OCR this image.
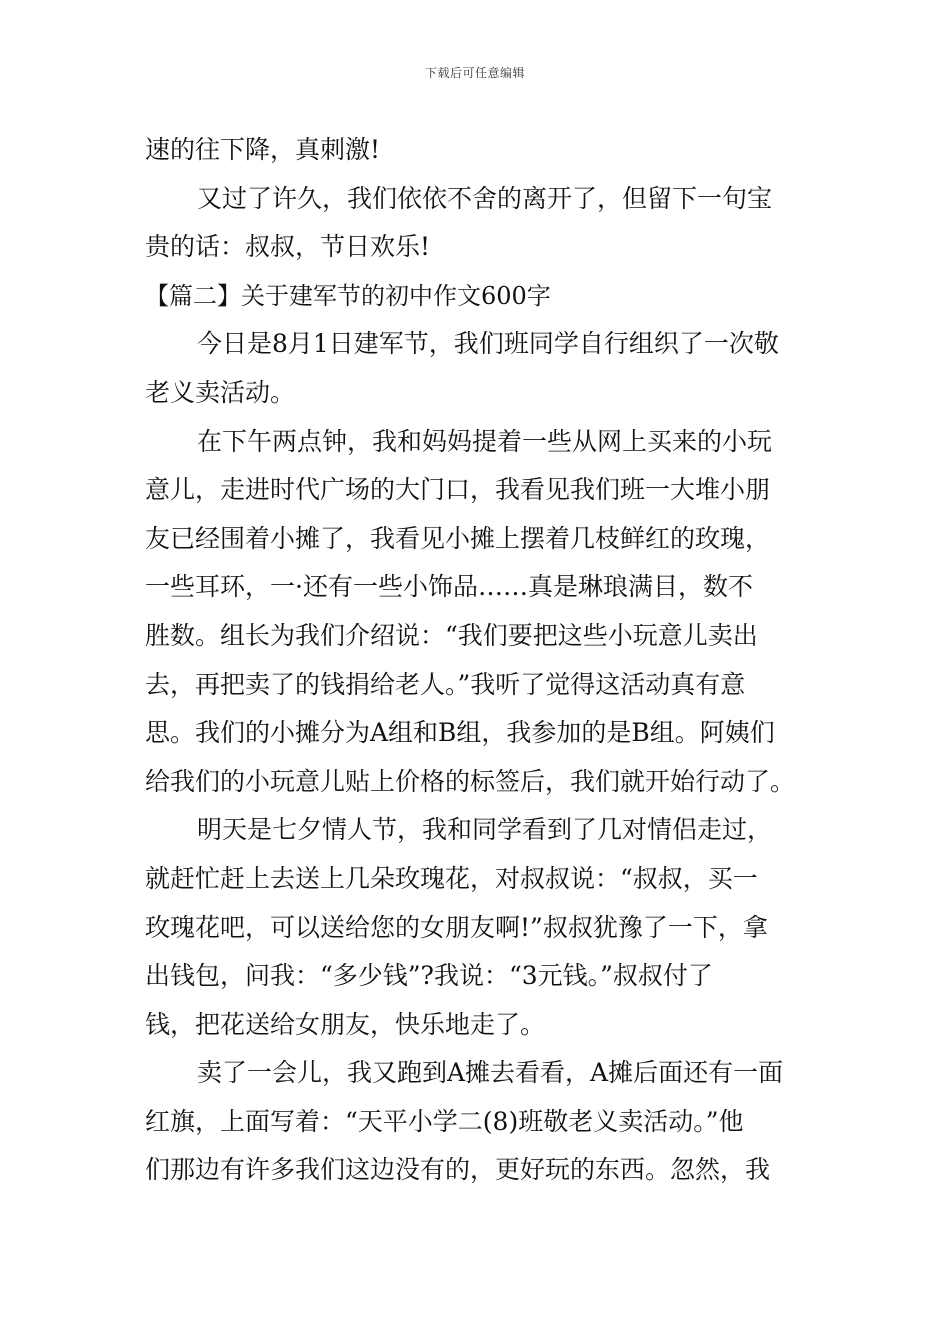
下载后可任意编辑
速的往下降，真刺激!
又过了许久，我们依依不舍的离开了，但留下一句宝
贵的话：叔叔，节日欢乐!
【篇二】关于建军节的初中作文600字
今日是8月1日建军节，我们班同学自行组织了一次敬
老义卖活动。
在下午两点钟，我和妈妈提着一些从网上买来的小玩
意儿，走进时代广场的大门口，我看见我们班一大堆小朋
友已经围着小摊了，我看见小摊上摆着几枝鲜红的玫瑰，
一些耳环，一·还有一些小饰品……真是琳琅满目，数不
胜数。组长为我们介绍说：“我们要把这些小玩意儿卖出
去，再把卖了的钱捐给老人。”我听了觉得这活动真有意
思。我们的小摊分为A组和B组，我参加的是B组。阿姨们
给我们的小玩意儿贴上价格的标签后，我们就开始行动了。
明天是七夕情人节，我和同学看到了几对情侣走过，
就赶忙赶上去送上几朵玫瑰花，对叔叔说：“叔叔，买一
玫瑰花吧，可以送给您的女朋友啊!”叔叔犹豫了一下，拿
出钱包，问我：“多少钱”?我说：“3元钱。”叔叔付了
钱，把花送给女朋友，快乐地走了。
卖了一会儿，我又跑到A摊去看看，A摊后面还有一面
红旗，上面写着：“天平小学二(8)班敬老义卖活动。”他
们那边有许多我们这边没有的，更好玩的东西。忽然，我
